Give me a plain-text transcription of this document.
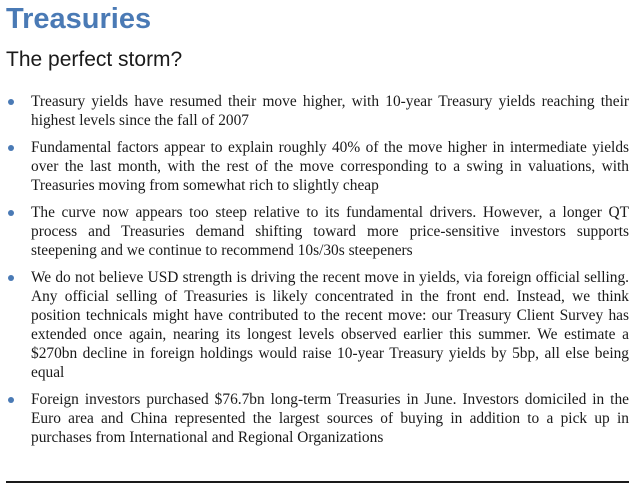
Treasuries
The perfect storm?
Treasury yields have resumed their move higher, with 10-year Treasury yields reaching their highest levels since the fall of 2007
Fundamental factors appear to explain roughly 40% of the move higher in intermediate yields over the last month, with the rest of the move corresponding to a swing in valuations, with Treasuries moving from somewhat rich to slightly cheap
The curve now appears too steep relative to its fundamental drivers. However, a longer QT process and Treasuries demand shifting toward more price-sensitive investors supports steepening and we continue to recommend 10s/30s steepeners
We do not believe USD strength is driving the recent move in yields, via foreign official selling. Any official selling of Treasuries is likely concentrated in the front end. Instead, we think position technicals might have contributed to the recent move: our Treasury Client Survey has extended once again, nearing its longest levels observed earlier this summer. We estimate a $270bn decline in foreign holdings would raise 10-year Treasury yields by 5bp, all else being equal
Foreign investors purchased $76.7bn long-term Treasuries in June. Investors domiciled in the Euro area and China represented the largest sources of buying in addition to a pick up in purchases from International and Regional Organizations
